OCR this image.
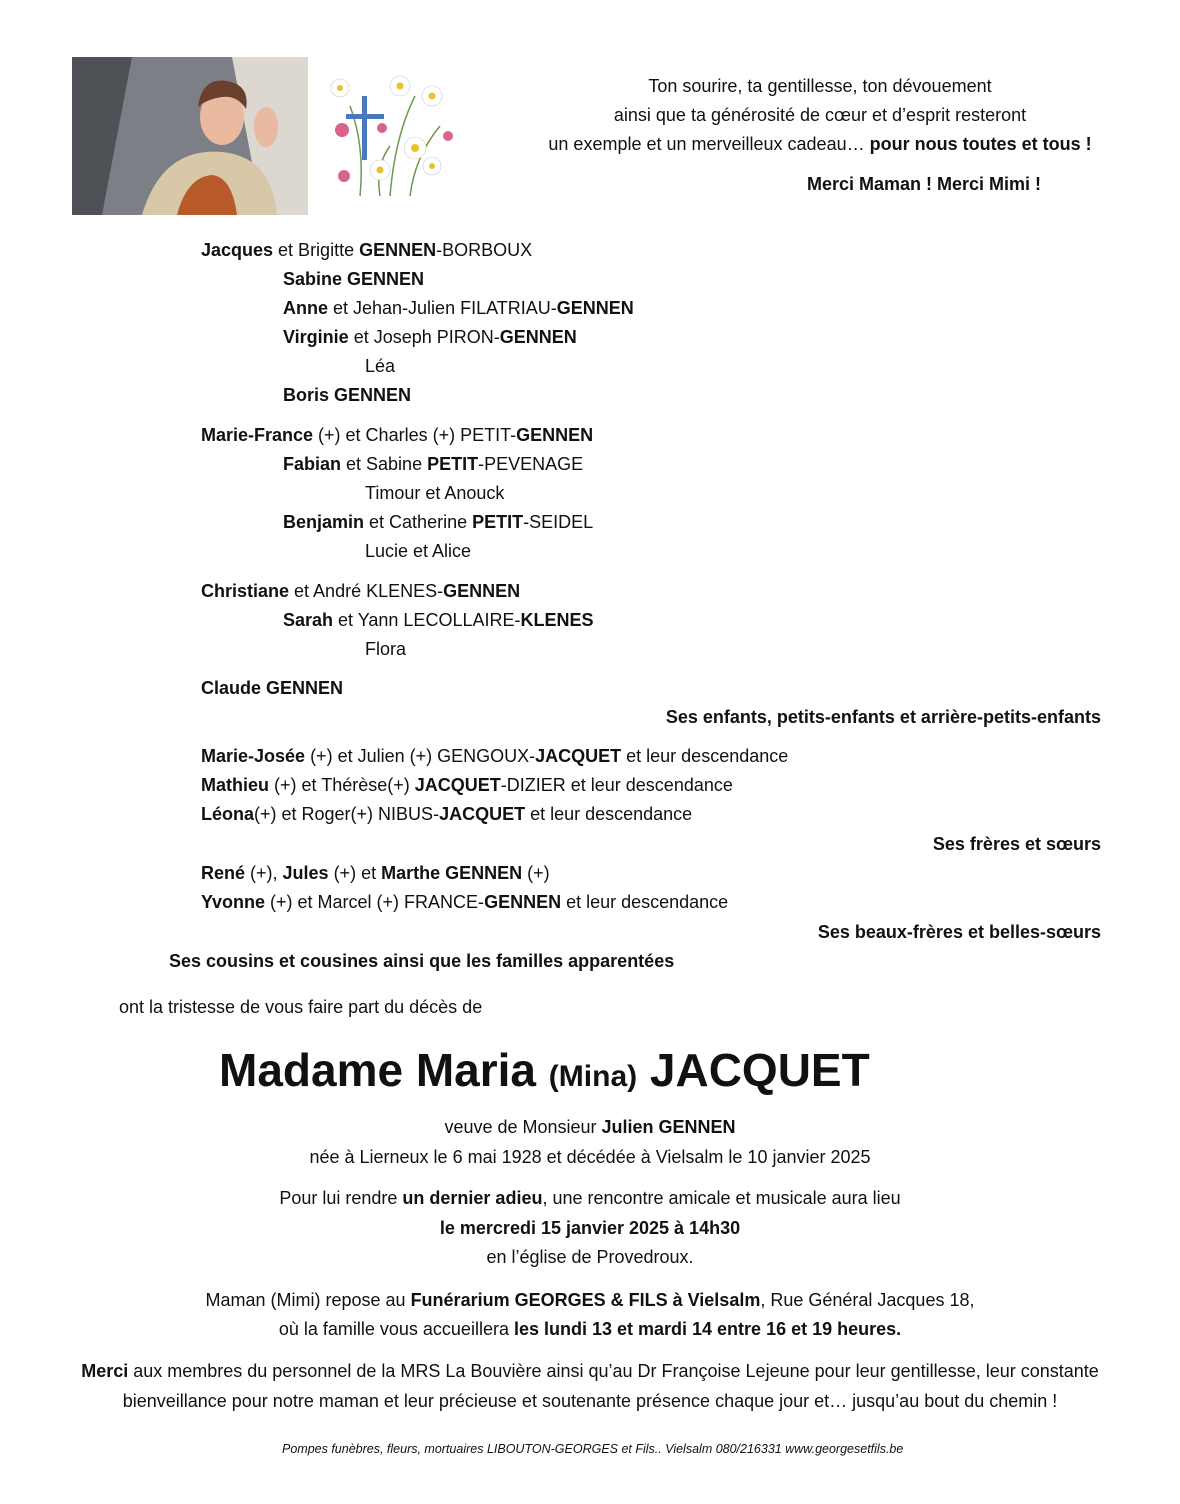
Ton sourire, ta gentillesse, ton dévouement
ainsi que ta générosité de cœur et d’esprit resteront
un exemple et un merveilleux cadeau… pour nous toutes et tous !
Merci Maman ! Merci Mimi !
Jacques et Brigitte GENNEN-BORBOUX
Sabine GENNEN
Anne et Jehan-Julien FILATRIAU-GENNEN
Virginie et Joseph PIRON-GENNEN
Léa
Boris GENNEN
Marie-France (+) et Charles (+) PETIT-GENNEN
Fabian et Sabine PETIT-PEVENAGE
Timour et Anouck
Benjamin et Catherine PETIT-SEIDEL
Lucie et Alice
Christiane et André KLENES-GENNEN
Sarah et Yann LECOLLAIRE-KLENES
Flora
Claude GENNEN
Ses enfants, petits-enfants et arrière-petits-enfants
Marie-Josée (+) et Julien (+) GENGOUX-JACQUET et leur descendance
Mathieu (+) et Thérèse(+) JACQUET-DIZIER et leur descendance
Léona(+) et Roger(+) NIBUS-JACQUET et leur descendance
Ses frères et sœurs
René (+), Jules (+) et Marthe GENNEN (+)
Yvonne (+) et Marcel (+) FRANCE-GENNEN et leur descendance
Ses beaux-frères et belles-sœurs
Ses cousins et cousines ainsi que les familles apparentées
ont la tristesse de vous faire part du décès de
Madame Maria (Mina) JACQUET
veuve de Monsieur Julien GENNEN
née à Lierneux le 6 mai 1928 et décédée à Vielsalm le 10 janvier 2025
Pour lui rendre un dernier adieu, une rencontre amicale et musicale aura lieu
le mercredi 15 janvier 2025 à 14h30
en l’église de Provedroux.
Maman (Mimi) repose au Funérarium GEORGES & FILS à Vielsalm, Rue Général Jacques 18,
où la famille vous accueillera les lundi 13 et mardi 14 entre 16 et 19 heures.
Merci aux membres du personnel de la MRS La Bouvière ainsi qu’au Dr Françoise Lejeune pour leur gentillesse, leur constante
bienveillance pour notre maman et leur précieuse et soutenante présence chaque jour et… jusqu’au bout du chemin !
Pompes funèbres, fleurs, mortuaires LIBOUTON-GEORGES et Fils.. Vielsalm 080/216331 www.georgesetfils.be
